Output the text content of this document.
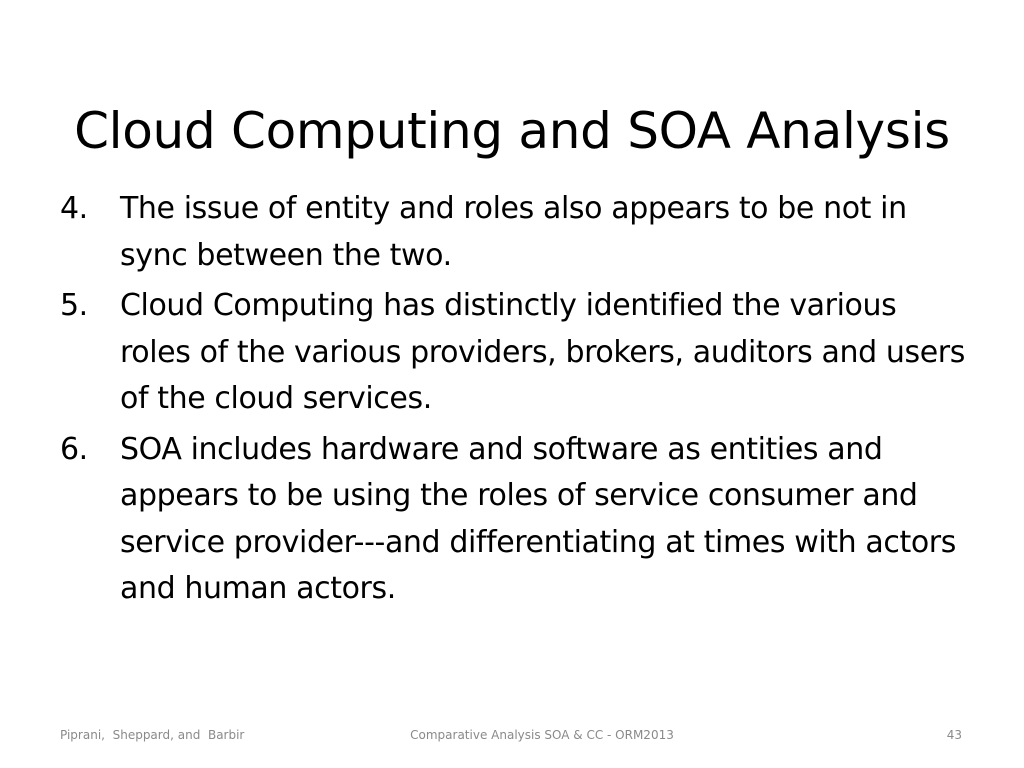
Cloud Computing and SOA Analysis
4.	The issue of entity and roles also appears to be not in sync between the two.
5.	Cloud Computing has distinctly identified the various roles of the various providers, brokers, auditors and users of the cloud services.
6.	SOA includes hardware and software as entities and appears to be using the roles of service consumer and service provider---and differentiating at times with actors and human actors.
Piprani,  Sheppard, and  Barbir	Comparative Analysis SOA & CC - ORM2013	43
